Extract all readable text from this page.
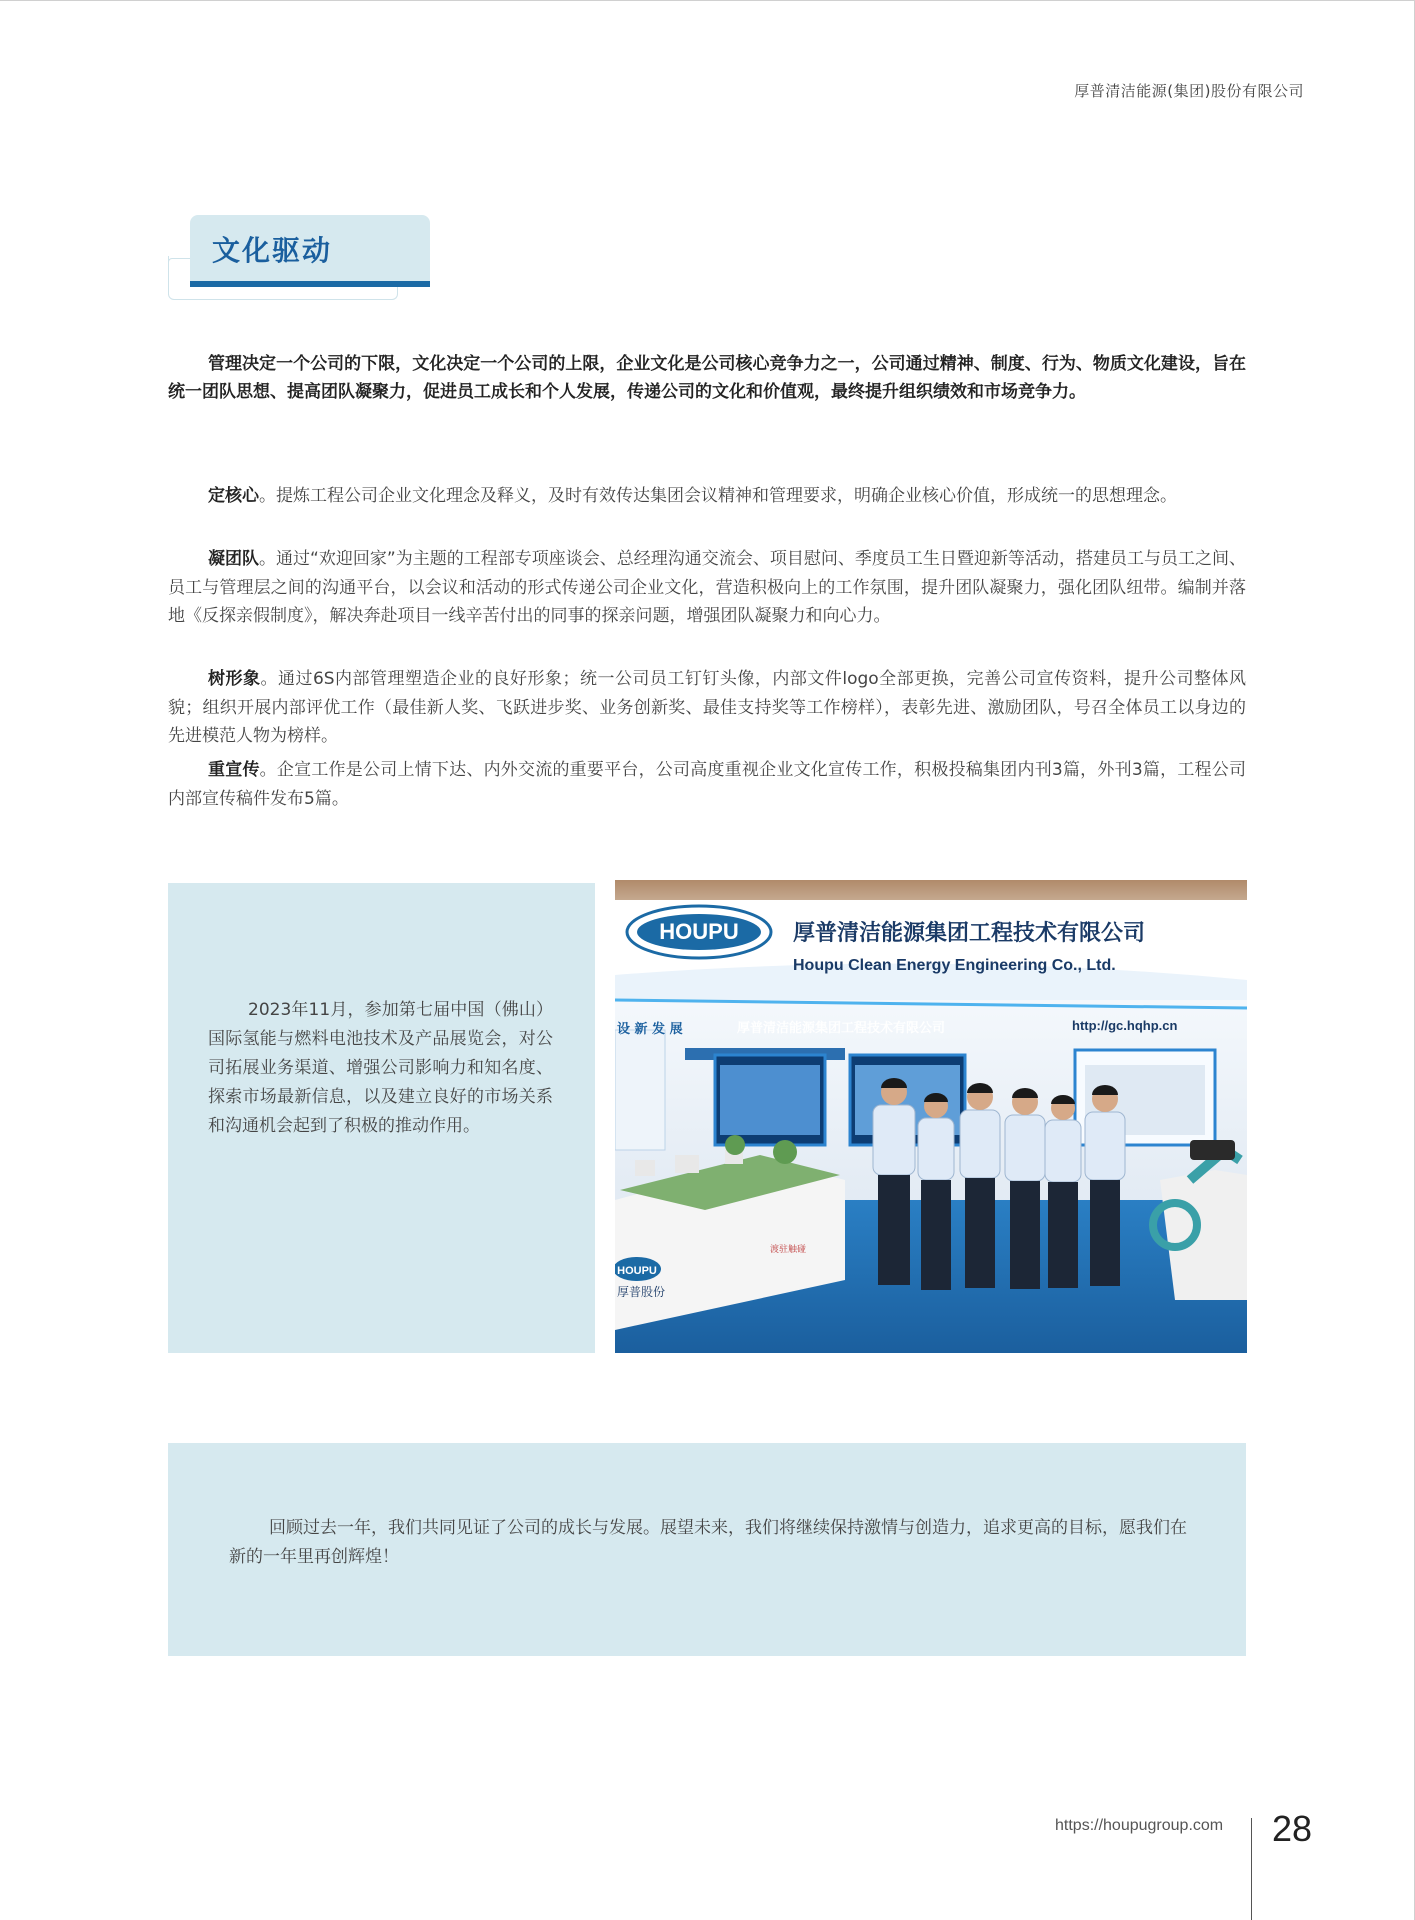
厚普清洁能源(集团)股份有限公司
文化驱动

管理决定一个公司的下限，文化决定一个公司的上限，企业文化是公司核心竞争力之一，公司通过精神、制度、行为、物质文化建设，旨在统一团队思想、提高团队凝聚力，促进员工成长和个人发展，传递公司的文化和价值观，最终提升组织绩效和市场竞争力。

定核心。提炼工程公司企业文化理念及释义，及时有效传达集团会议精神和管理要求，明确企业核心价值，形成统一的思想理念。

凝团队。通过“欢迎回家”为主题的工程部专项座谈会、总经理沟通交流会、项目慰问、季度员工生日暨迎新等活动，搭建员工与员工之间、员工与管理层之间的沟通平台，以会议和活动的形式传递公司企业文化，营造积极向上的工作氛围，提升团队凝聚力，强化团队纽带。编制并落地《反探亲假制度》，解决奔赴项目一线辛苦付出的同事的探亲问题，增强团队凝聚力和向心力。

树形象。通过6S内部管理塑造企业的良好形象；统一公司员工钉钉头像，内部文件logo全部更换，完善公司宣传资料，提升公司整体风貌；组织开展内部评优工作（最佳新人奖、飞跃进步奖、业务创新奖、最佳支持奖等工作榜样），表彰先进、激励团队，号召全体员工以身边的先进模范人物为榜样。

重宣传。企宣工作是公司上情下达、内外交流的重要平台，公司高度重视企业文化宣传工作，积极投稿集团内刊3篇，外刊3篇，工程公司内部宣传稿件发布5篇。

2023年11月，参加第七届中国（佛山）国际氢能与燃料电池技术及产品展览会，对公司拓展业务渠道、增强公司影响力和知名度、探索市场最新信息，以及建立良好的市场关系和沟通机会起到了积极的推动作用。

HOUPU 厚普清洁能源集团工程技术有限公司
Houpu Clean Energy Engineering Co., Ltd.
设 新 发 展	厚普清洁能源集团工程技术有限公司	http://gc.hqhp.cn
HOUPU
厚普股份
渡驻触碰

回顾过去一年，我们共同见证了公司的成长与发展。展望未来，我们将继续保持激情与创造力，追求更高的目标，愿我们在新的一年里再创辉煌！

https://houpugroup.com 28
